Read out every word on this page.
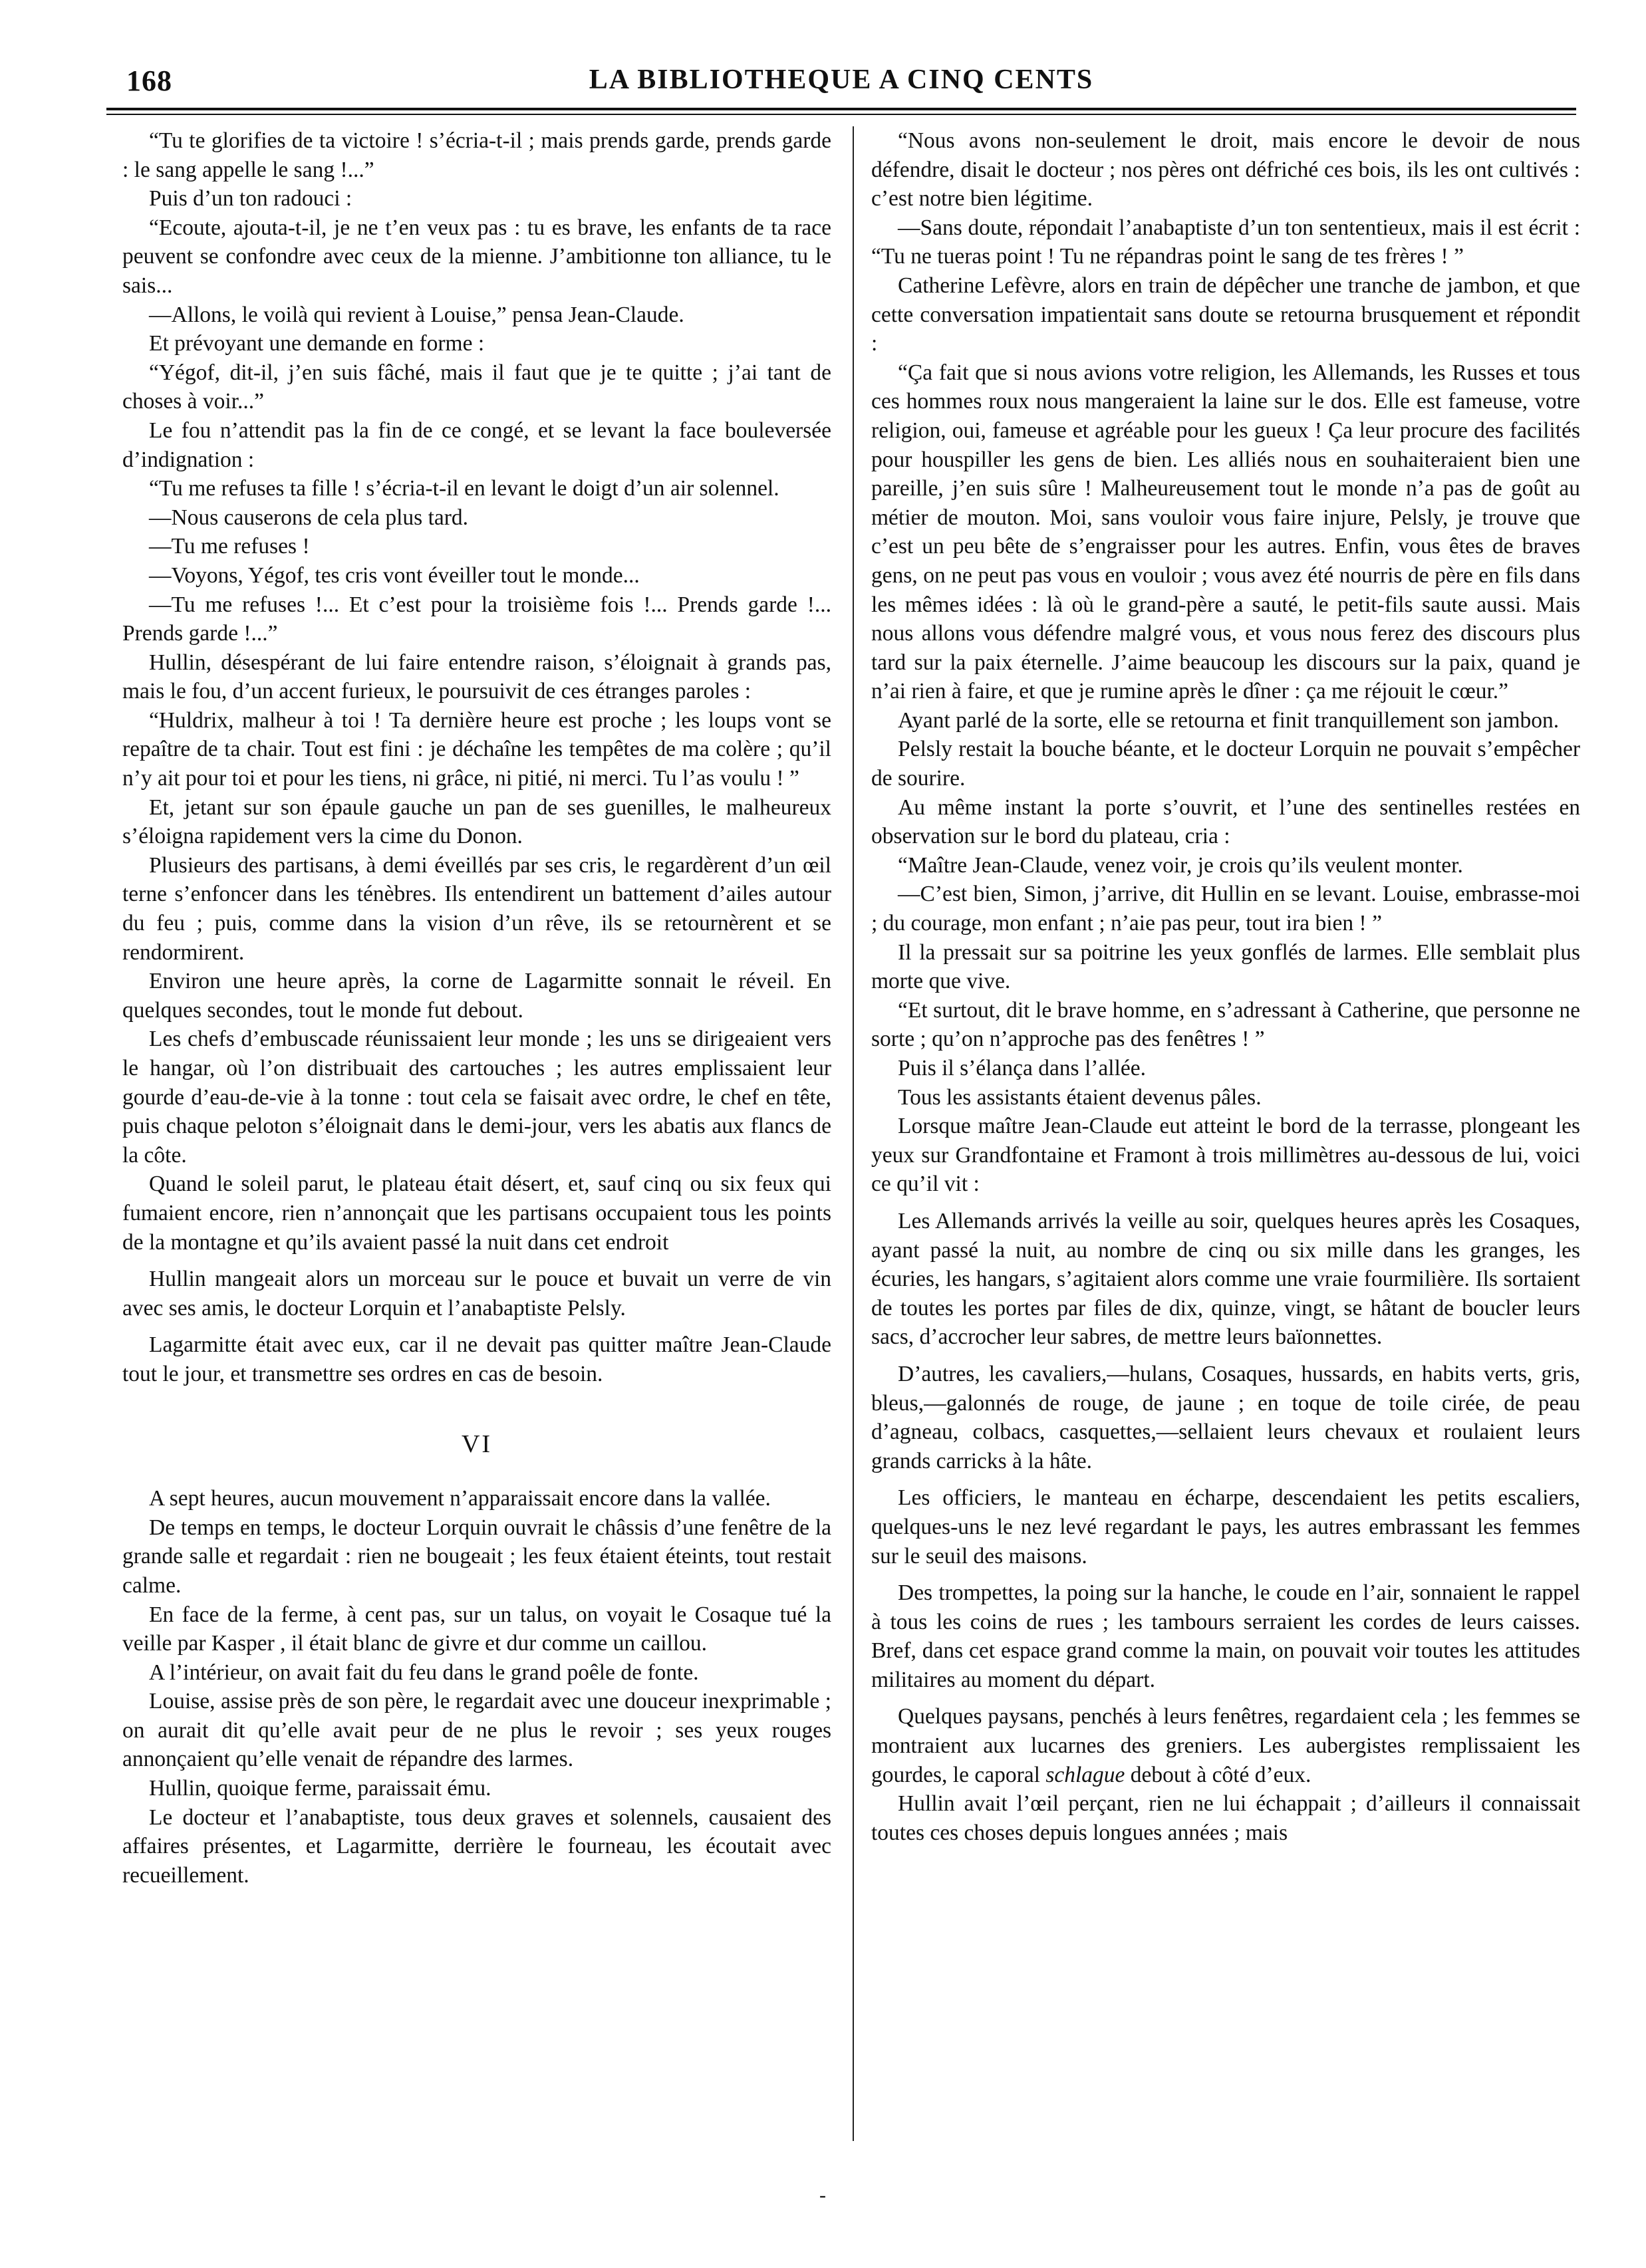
168	LA BIBLIOTHEQUE A CINQ CENTS

“Tu te glorifies de ta victoire ! s’écria-t-il ; mais prends garde, prends garde : le sang appelle le sang !...”

Puis d’un ton radouci :

“Ecoute, ajouta-t-il, je ne t’en veux pas : tu es brave, les enfants de ta race peuvent se confondre avec ceux de la mienne. J’ambitionne ton alliance, tu le sais...

—Allons, le voilà qui revient à Louise,” pensa Jean-Claude.

Et prévoyant une demande en forme :

“Yégof, dit-il, j’en suis fâché, mais il faut que je te quitte ; j’ai tant de choses à voir...”

Le fou n’attendit pas la fin de ce congé, et se levant la face bouleversée d’indignation :

“Tu me refuses ta fille ! s’écria-t-il en levant le doigt d’un air solennel.

—Nous causerons de cela plus tard.

—Tu me refuses !

—Voyons, Yégof, tes cris vont éveiller tout le monde...

—Tu me refuses !... Et c’est pour la troisième fois !... Prends garde !... Prends garde !...”

Hullin, désespérant de lui faire entendre raison, s’éloignait à grands pas, mais le fou, d’un accent furieux, le poursuivit de ces étranges paroles :

“Huldrix, malheur à toi ! Ta dernière heure est proche ; les loups vont se repaître de ta chair. Tout est fini : je déchaîne les tempêtes de ma colère ; qu’il n’y ait pour toi et pour les tiens, ni grâce, ni pitié, ni merci. Tu l’as voulu ! ”

Et, jetant sur son épaule gauche un pan de ses guenilles, le malheureux s’éloigna rapidement vers la cime du Donon.

Plusieurs des partisans, à demi éveillés par ses cris, le regardèrent d’un œil terne s’enfoncer dans les ténèbres. Ils entendirent un battement d’ailes autour du feu ; puis, comme dans la vision d’un rêve, ils se retournèrent et se rendormirent.

Environ une heure après, la corne de Lagarmitte sonnait le réveil. En quelques secondes, tout le monde fut debout.

Les chefs d’embuscade réunissaient leur monde ; les uns se dirigeaient vers le hangar, où l’on distribuait des cartouches ; les autres emplissaient leur gourde d’eau-de-vie à la tonne : tout cela se faisait avec ordre, le chef en tête, puis chaque peloton s’éloignait dans le demi-jour, vers les abatis aux flancs de la côte.

Quand le soleil parut, le plateau était désert, et, sauf cinq ou six feux qui fumaient encore, rien n’annonçait que les partisans occupaient tous les points de la montagne et qu’ils avaient passé la nuit dans cet endroit

Hullin mangeait alors un morceau sur le pouce et buvait un verre de vin avec ses amis, le docteur Lorquin et l’anabaptiste Pelsly.

Lagarmitte était avec eux, car il ne devait pas quitter maître Jean-Claude tout le jour, et transmettre ses ordres en cas de besoin.

VI

A sept heures, aucun mouvement n’apparaissait encore dans la vallée.

De temps en temps, le docteur Lorquin ouvrait le châssis d’une fenêtre de la grande salle et regardait : rien ne bougeait ; les feux étaient éteints, tout restait calme.

En face de la ferme, à cent pas, sur un talus, on voyait le Cosaque tué la veille par Kasper , il était blanc de givre et dur comme un caillou.

A l’intérieur, on avait fait du feu dans le grand poêle de fonte.

Louise, assise près de son père, le regardait avec une douceur inexprimable ; on aurait dit qu’elle avait peur de ne plus le revoir ; ses yeux rouges annonçaient qu’elle venait de répandre des larmes.

Hullin, quoique ferme, paraissait ému.

Le docteur et l’anabaptiste, tous deux graves et solennels, causaient des affaires présentes, et Lagarmitte, derrière le fourneau, les écoutait avec recueillement.

“Nous avons non-seulement le droit, mais encore le devoir de nous défendre, disait le docteur ; nos pères ont défriché ces bois, ils les ont cultivés : c’est notre bien légitime.

—Sans doute, répondait l’anabaptiste d’un ton sententieux, mais il est écrit : “Tu ne tueras point ! Tu ne répandras point le sang de tes frères ! ”

Catherine Lefèvre, alors en train de dépêcher une tranche de jambon, et que cette conversation impatientait sans doute se retourna brusquement et répondit :

“Ça fait que si nous avions votre religion, les Allemands, les Russes et tous ces hommes roux nous mangeraient la laine sur le dos. Elle est fameuse, votre religion, oui, fameuse et agréable pour les gueux ! Ça leur procure des facilités pour houspiller les gens de bien. Les alliés nous en souhaiteraient bien une pareille, j’en suis sûre ! Malheureusement tout le monde n’a pas de goût au métier de mouton. Moi, sans vouloir vous faire injure, Pelsly, je trouve que c’est un peu bête de s’engraisser pour les autres. Enfin, vous êtes de braves gens, on ne peut pas vous en vouloir ; vous avez été nourris de père en fils dans les mêmes idées : là où le grand-père a sauté, le petit-fils saute aussi. Mais nous allons vous défendre malgré vous, et vous nous ferez des discours plus tard sur la paix éternelle. J’aime beaucoup les discours sur la paix, quand je n’ai rien à faire, et que je rumine après le dîner : ça me réjouit le cœur.”

Ayant parlé de la sorte, elle se retourna et finit tranquillement son jambon.

Pelsly restait la bouche béante, et le docteur Lorquin ne pouvait s’empêcher de sourire.

Au même instant la porte s’ouvrit, et l’une des sentinelles restées en observation sur le bord du plateau, cria :

“Maître Jean-Claude, venez voir, je crois qu’ils veulent monter.

—C’est bien, Simon, j’arrive, dit Hullin en se levant. Louise, embrasse-moi ; du courage, mon enfant ; n’aie pas peur, tout ira bien ! ”

Il la pressait sur sa poitrine les yeux gonflés de larmes. Elle semblait plus morte que vive.

“Et surtout, dit le brave homme, en s’adressant à Catherine, que personne ne sorte ; qu’on n’approche pas des fenêtres ! ”

Puis il s’élança dans l’allée.

Tous les assistants étaient devenus pâles.

Lorsque maître Jean-Claude eut atteint le bord de la terrasse, plongeant les yeux sur Grandfontaine et Framont à trois millimètres au-dessous de lui, voici ce qu’il vit :

Les Allemands arrivés la veille au soir, quelques heures après les Cosaques, ayant passé la nuit, au nombre de cinq ou six mille dans les granges, les écuries, les hangars, s’agitaient alors comme une vraie fourmilière. Ils sortaient de toutes les portes par files de dix, quinze, vingt, se hâtant de boucler leurs sacs, d’accrocher leur sabres, de mettre leurs baïonnettes.

D’autres, les cavaliers,—hulans, Cosaques, hussards, en habits verts, gris, bleus,—galonnés de rouge, de jaune ; en toque de toile cirée, de peau d’agneau, colbacs, casquettes,—sellaient leurs chevaux et roulaient leurs grands carricks à la hâte.

Les officiers, le manteau en écharpe, descendaient les petits escaliers, quelques-uns le nez levé regardant le pays, les autres embrassant les femmes sur le seuil des maisons.

Des trompettes, la poing sur la hanche, le coude en l’air, sonnaient le rappel à tous les coins de rues ; les tambours serraient les cordes de leurs caisses. Bref, dans cet espace grand comme la main, on pouvait voir toutes les attitudes militaires au moment du départ.

Quelques paysans, penchés à leurs fenêtres, regardaient cela ; les femmes se montraient aux lucarnes des greniers. Les aubergistes remplissaient les gourdes, le caporal schlague debout à côté d’eux.

Hullin avait l’œil perçant, rien ne lui échappait ; d’ailleurs il connaissait toutes ces choses depuis longues années ; mais

-
